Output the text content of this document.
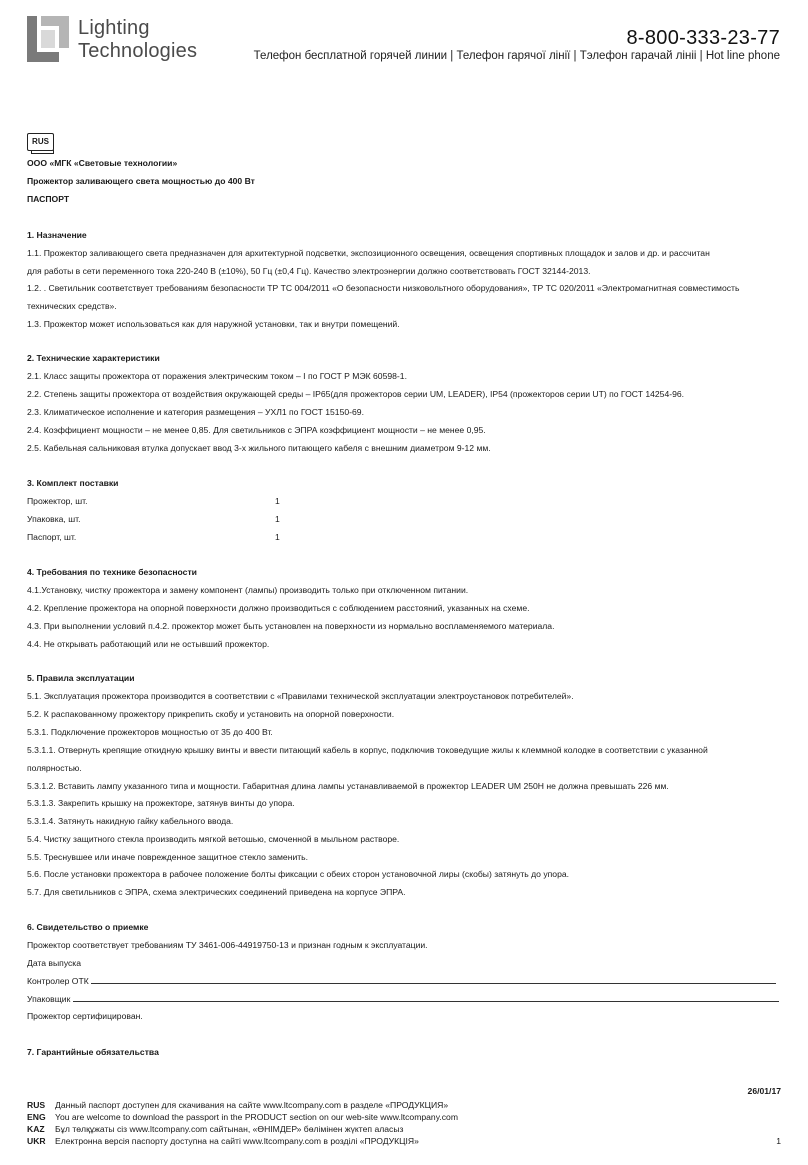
Lighting
Technologies
8-800-333-23-77
Телефон бесплатной горячей линии | Телефон гарячої лінії | Тэлефон гарачай лініі | Hot line phone
RUS
ООО «МГК «Световые технологии»
Прожектор заливающего света мощностью до 400 Вт
ПАСПОРТ
1. Назначение
1.1. Прожектор заливающего света предназначен для архитектурной подсветки, экспозиционного освещения, освещения спортивных площадок и залов и др. и рассчитан
для работы в сети переменного тока 220-240 В (±10%), 50 Гц (±0,4 Гц). Качество электроэнергии должно соответствовать ГОСТ 32144-2013.
1.2. . Светильник соответствует требованиям безопасности ТР ТС 004/2011 «О безопасности низковольтного оборудования», ТР ТС 020/2011 «Электромагнитная совместимость
технических средств».
1.3. Прожектор может использоваться как для наружной установки, так и внутри помещений.
2. Технические характеристики
2.1. Класс защиты прожектора от поражения электрическим током – I по ГОСТ Р МЭК 60598-1.
2.2. Степень защиты прожектора от воздействия окружающей среды – IP65(для прожекторов серии UM, LEADER), IP54 (прожекторов серии UT) по ГОСТ 14254-96.
2.3. Климатическое исполнение и категория размещения – УХЛ1 по ГОСТ 15150-69.
2.4. Коэффициент мощности – не менее 0,85. Для светильников с ЭПРА коэффициент мощности – не менее 0,95.
2.5. Кабельная сальниковая втулка допускает ввод 3-х жильного питающего кабеля с внешним диаметром 9-12 мм.
3. Комплект поставки
Прожектор, шт.	1
Упаковка, шт.	1
Паспорт, шт.	1
4. Требования по технике безопасности
4.1.Установку, чистку прожектора и замену компонент (лампы) производить только при отключенном питании.
4.2. Крепление прожектора на опорной поверхности должно производиться с соблюдением расстояний, указанных на схеме.
4.3. При выполнении условий п.4.2. прожектор может быть установлен на поверхности из нормально воспламеняемого материала.
4.4. Не открывать работающий или не остывший прожектор.
5. Правила эксплуатации
5.1. Эксплуатация прожектора производится в соответствии с «Правилами технической эксплуатации электроустановок потребителей».
5.2. К распакованному прожектору прикрепить скобу и установить на опорной поверхности.
5.3.1. Подключение прожекторов мощностью от 35 до 400 Вт.
5.3.1.1. Отвернуть крепящие откидную крышку винты и ввести питающий кабель в корпус, подключив токоведущие жилы к клеммной колодке в соответствии с указанной
полярностью.
5.3.1.2. Вставить лампу указанного типа и мощности. Габаритная длина лампы устанавливаемой в прожектор LEADER UM 250H не должна превышать 226 мм.
5.3.1.3. Закрепить крышку на прожекторе, затянув винты до упора.
5.3.1.4. Затянуть накидную гайку кабельного ввода.
5.4. Чистку защитного стекла производить мягкой ветошью, смоченной в мыльном растворе.
5.5. Треснувшее или иначе поврежденное защитное стекло заменить.
5.6. После установки прожектора в рабочее положение болты фиксации с обеих сторон установочной лиры (скобы) затянуть до упора.
5.7. Для светильников с ЭПРА, схема электрических соединений приведена на корпусе ЭПРА.
6. Свидетельство о приемке
Прожектор соответствует требованиям ТУ 3461-006-44919750-13 и признан годным к эксплуатации.
Дата выпуска
Контролер ОТК
Упаковщик
Прожектор сертифицирован.
7. Гарантийные обязательства
26/01/17
RUS Данный паспорт доступен для скачивания на сайте www.ltcompany.com в разделе «ПРОДУКЦИЯ»
ENG You are welcome to download the passport in the PRODUCT section on our web-site www.ltcompany.com
KAZ Бұл төлқұжаты сіз www.ltcompany.com сайтынан, «ӨНІМДЕР» бөлімінен жүктеп аласыз
UKR Електронна версія паспорту доступна на сайті www.ltcompany.com в розділі «ПРОДУКЦІЯ»	1
